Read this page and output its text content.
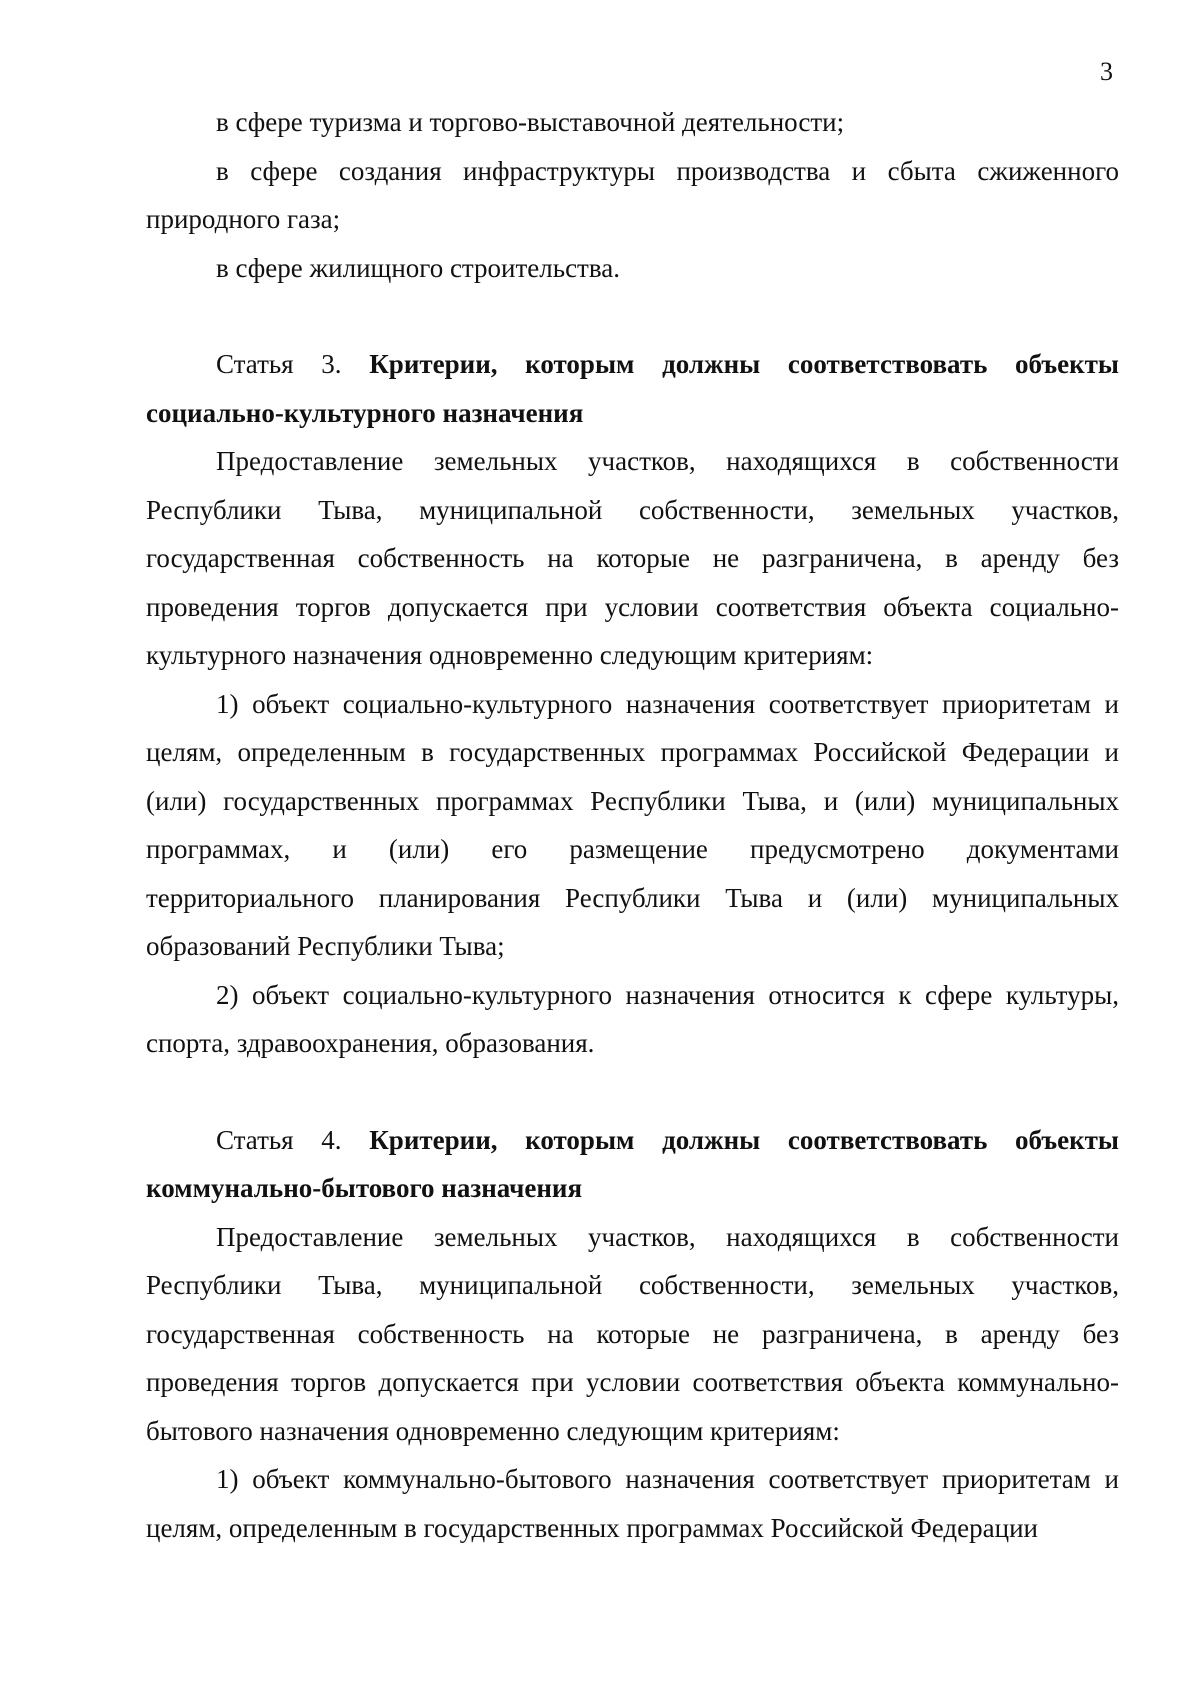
3

в сфере туризма и торгово-выставочной деятельности;

в сфере создания инфраструктуры производства и сбыта сжиженного природного газа;

в сфере жилищного строительства.

Статья 3. Критерии, которым должны соответствовать объекты социально-культурного назначения

Предоставление земельных участков, находящихся в собственности Республики Тыва, муниципальной собственности, земельных участков, государственная собственность на которые не разграничена, в аренду без проведения торгов допускается при условии соответствия объекта социально-культурного назначения одновременно следующим критериям:

1) объект социально-культурного назначения соответствует приоритетам и целям, определенным в государственных программах Российской Федерации и (или) государственных программах Республики Тыва, и (или) муниципальных программах, и (или) его размещение предусмотрено документами территориального планирования Республики Тыва и (или) муниципальных образований Республики Тыва;

2) объект социально-культурного назначения относится к сфере культуры, спорта, здравоохранения, образования.

Статья 4. Критерии, которым должны соответствовать объекты коммунально-бытового назначения

Предоставление земельных участков, находящихся в собственности Республики Тыва, муниципальной собственности, земельных участков, государственная собственность на которые не разграничена, в аренду без проведения торгов допускается при условии соответствия объекта коммунально-бытового назначения одновременно следующим критериям:

1) объект коммунально-бытового назначения соответствует приоритетам и целям, определенным в государственных программах Российской Федерации
